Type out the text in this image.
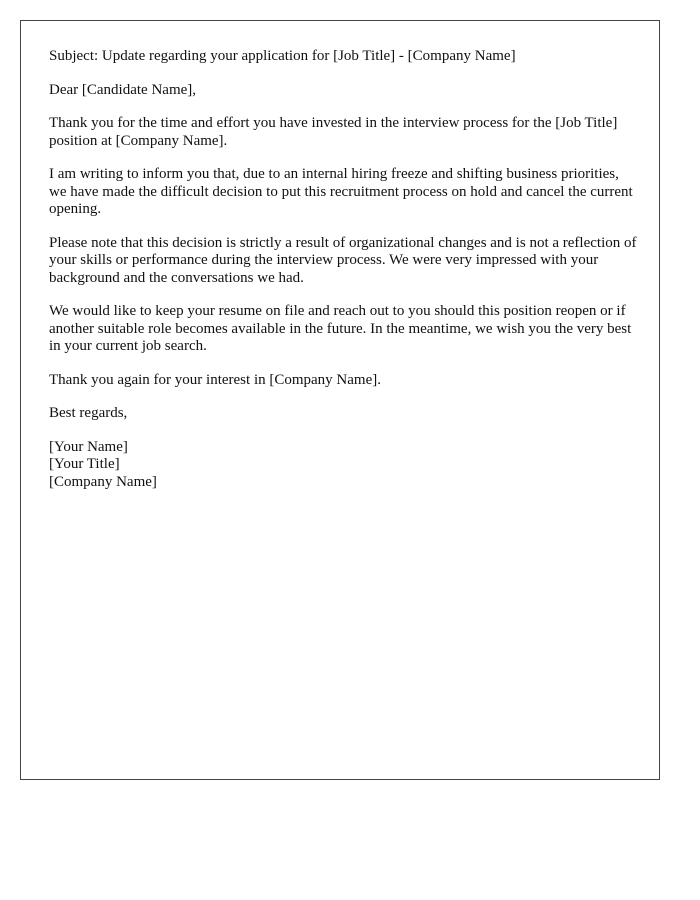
Subject: Update regarding your application for [Job Title] - [Company Name]

Dear [Candidate Name],

Thank you for the time and effort you have invested in the interview process for the [Job Title] position at [Company Name].

I am writing to inform you that, due to an internal hiring freeze and shifting business priorities, we have made the difficult decision to put this recruitment process on hold and cancel the current opening.

Please note that this decision is strictly a result of organizational changes and is not a reflection of your skills or performance during the interview process. We were very impressed with your background and the conversations we had.

We would like to keep your resume on file and reach out to you should this position reopen or if another suitable role becomes available in the future. In the meantime, we wish you the very best in your current job search.

Thank you again for your interest in [Company Name].

Best regards,

[Your Name]

[Your Title]

[Company Name]
